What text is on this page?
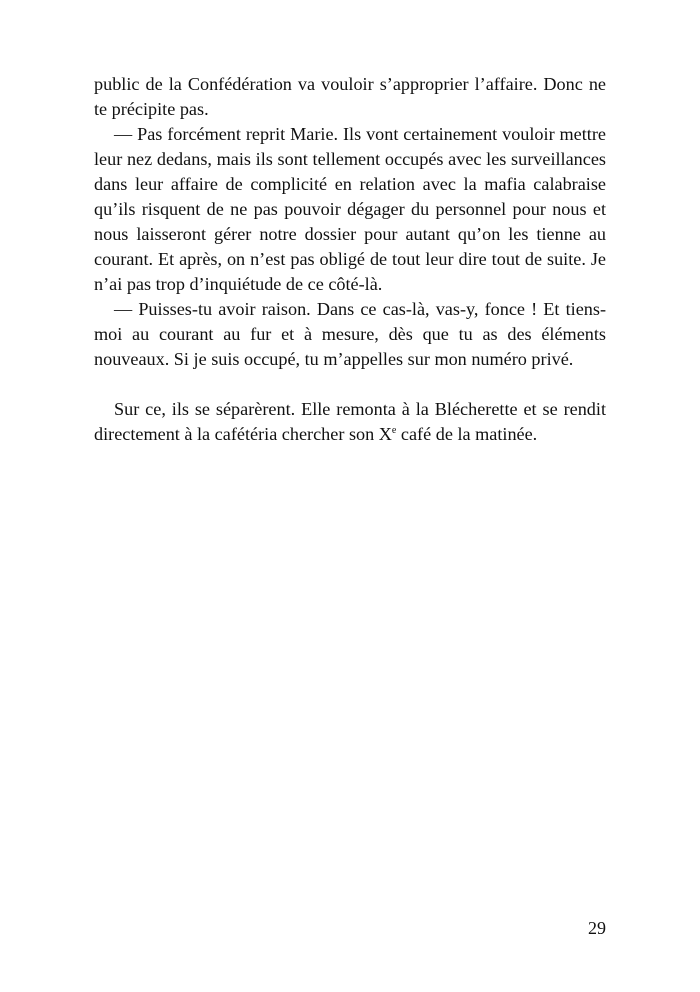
public de la Confédération va vouloir s’approprier l’affaire. Donc ne
te précipite pas.
— Pas forcément reprit Marie. Ils vont certainement vouloir mettre
leur nez dedans, mais ils sont tellement occupés avec les surveillances
dans leur affaire de complicité en relation avec la mafia calabraise
qu’ils risquent de ne pas pouvoir dégager du personnel pour nous et
nous laisseront gérer notre dossier pour autant qu’on les tienne au
courant. Et après, on n’est pas obligé de tout leur dire tout de suite. Je
n’ai pas trop d’inquiétude de ce côté-là.
— Puisses-tu avoir raison. Dans ce cas-là, vas-y, fonce ! Et tiens-
moi au courant au fur et à mesure, dès que tu as des éléments
nouveaux. Si je suis occupé, tu m’appelles sur mon numéro privé.
Sur ce, ils se séparèrent. Elle remonta à la Blécherette et se rendit
directement à la cafétéria chercher son Xe café de la matinée.
29
